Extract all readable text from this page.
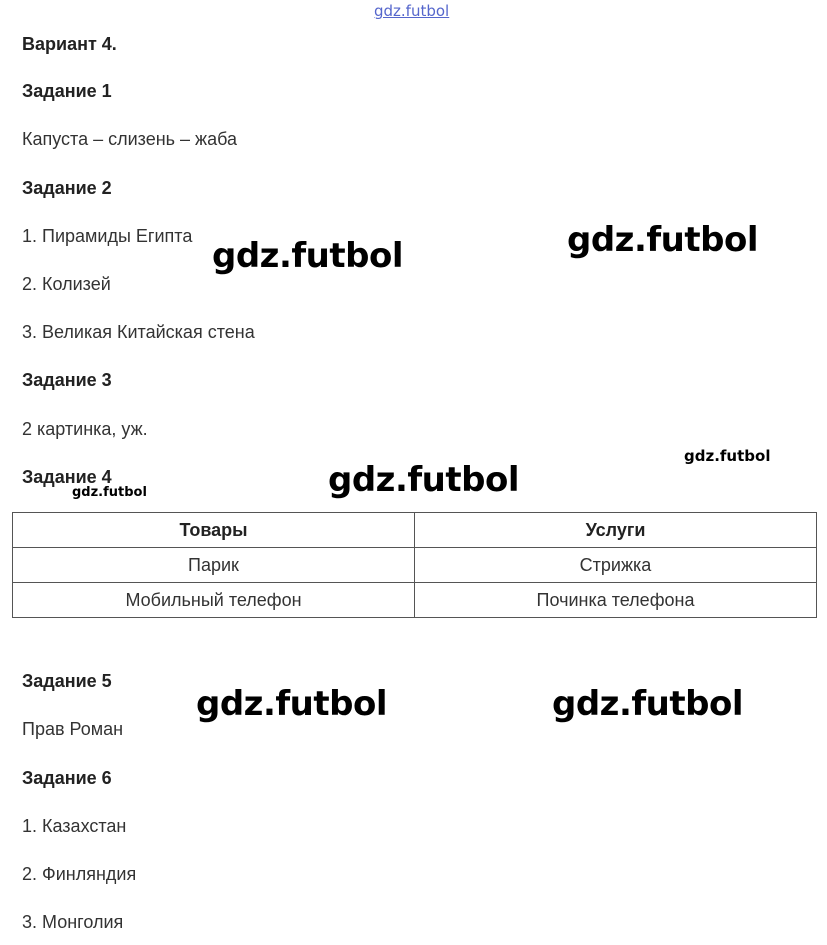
gdz.futbol
Вариант 4.
Задание 1
Капуста – слизень – жаба
Задание 2
1. Пирамиды Египта
2. Колизей
3. Великая Китайская стена
Задание 3
2 картинка, уж.
Задание 4
Товары	Услуги
Парик	Стрижка
Мобильный телефон	Починка телефона
Задание 5
Прав Роман
Задание 6
1. Казахстан
2. Финляндия
3. Монголия
gdz.futbol	gdz.futbol
gdz.futbol
gdz.futbol
gdz.futbol
gdz.futbol	gdz.futbol
